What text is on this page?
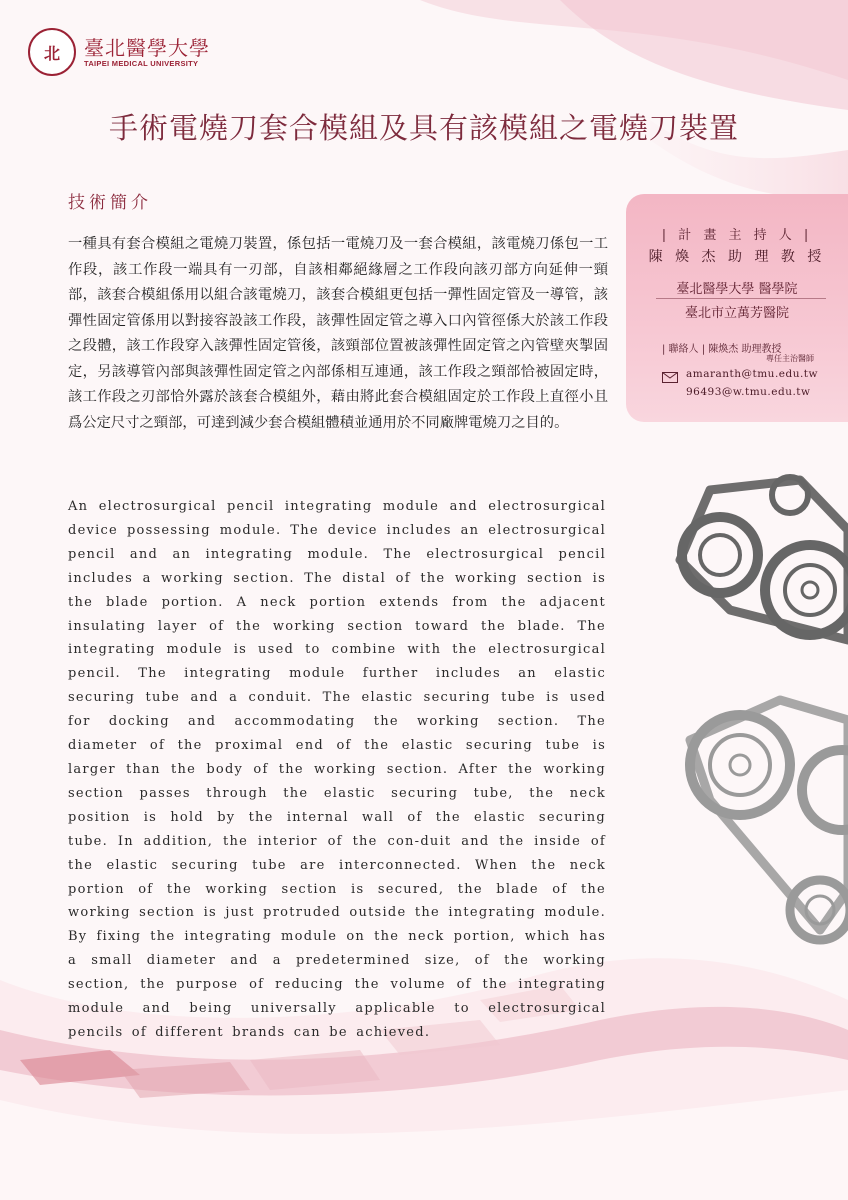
北	臺北醫學大學
TAIPEI MEDICAL UNIVERSITY
手術電燒刀套合模組及具有該模組之電燒刀裝置
技術簡介
一種具有套合模組之電燒刀裝置，係包括一電燒刀及一套合模組，該電燒刀係包一工作段，該工作段一端具有一刃部，自該相鄰絕緣層之工作段向該刃部方向延伸一頸部，該套合模組係用以組合該電燒刀，該套合模組更包括一彈性固定管及一導管，該彈性固定管係用以對接容設該工作段，該彈性固定管之導入口內管徑係大於該工作段之段體，該工作段穿入該彈性固定管後，該頸部位置被該彈性固定管之內管壁夾掣固定，另該導管內部與該彈性固定管之內部係相互連通，該工作段之頸部恰被固定時，該工作段之刃部恰外露於該套合模組外，藉由將此套合模組固定於工作段上直徑小且爲公定尺寸之頸部，可達到減少套合模組體積並通用於不同廠牌電燒刀之目的。
An electrosurgical pencil integrating module and electrosurgical device possessing module. The device includes an electrosurgical pencil and an integrating module. The electrosurgical pencil includes a working section. The distal of the working section is the blade portion. A neck portion extends from the adjacent insulating layer of the working section toward the blade. The integrating module is used to combine with the electrosurgical pencil. The integrating module further includes an elastic securing tube and a conduit. The elastic securing tube is used for docking and accommodating the working section. The diameter of the proximal end of the elastic securing tube is larger than the body of the working section. After the working section passes through the elastic securing tube, the neck position is hold by the internal wall of the elastic securing tube. In addition, the interior of the con-duit and the inside of the elastic securing tube are interconnected. When the neck portion of the working section is secured, the blade of the working section is just protruded outside the integrating module. By fixing the integrating module on the neck portion, which has a small diameter and a predetermined size, of the working section, the purpose of reducing the volume of the integrating module and being universally applicable to electrosurgical pencils of different brands can be achieved.
| 計 畫 主 持 人 |
陳 煥 杰 助 理 教 授
臺北醫學大學 醫學院
臺北市立萬芳醫院
| 聯絡人 | 陳煥杰 助理教授
專任主治醫師
amaranth@tmu.edu.tw
96493@w.tmu.edu.tw
